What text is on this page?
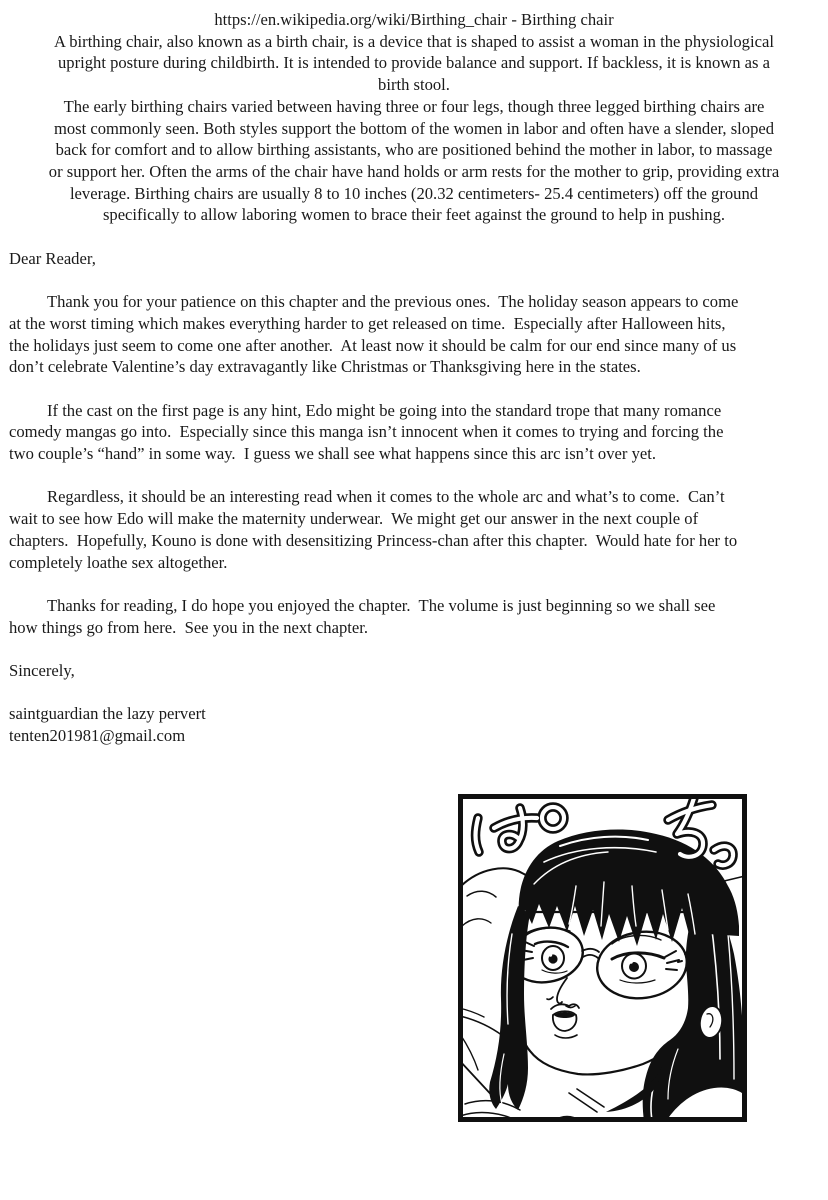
https://en.wikipedia.org/wiki/Birthing_chair - Birthing chair
A birthing chair, also known as a birth chair, is a device that is shaped to assist a woman in the physiological
upright posture during childbirth. It is intended to provide balance and support. If backless, it is known as a
birth stool.
The early birthing chairs varied between having three or four legs, though three legged birthing chairs are
most commonly seen. Both styles support the bottom of the women in labor and often have a slender, sloped
back for comfort and to allow birthing assistants, who are positioned behind the mother in labor, to massage
or support her. Often the arms of the chair have hand holds or arm rests for the mother to grip, providing extra
leverage. Birthing chairs are usually 8 to 10 inches (20.32 centimeters- 25.4 centimeters) off the ground
specifically to allow laboring women to brace their feet against the ground to help in pushing.
Dear Reader,
Thank you for your patience on this chapter and the previous ones.  The holiday season appears to come
at the worst timing which makes everything harder to get released on time.  Especially after Halloween hits,
the holidays just seem to come one after another.  At least now it should be calm for our end since many of us
don’t celebrate Valentine’s day extravagantly like Christmas or Thanksgiving here in the states.
If the cast on the first page is any hint, Edo might be going into the standard trope that many romance
comedy mangas go into.  Especially since this manga isn’t innocent when it comes to trying and forcing the
two couple’s “hand” in some way.  I guess we shall see what happens since this arc isn’t over yet.
Regardless, it should be an interesting read when it comes to the whole arc and what’s to come.  Can’t
wait to see how Edo will make the maternity underwear.  We might get our answer in the next couple of
chapters.  Hopefully, Kouno is done with desensitizing Princess-chan after this chapter.  Would hate for her to
completely loathe sex altogether.
Thanks for reading, I do hope you enjoyed the chapter.  The volume is just beginning so we shall see
how things go from here.  See you in the next chapter.
Sincerely,
saintguardian the lazy pervert
tenten201981@gmail.com
